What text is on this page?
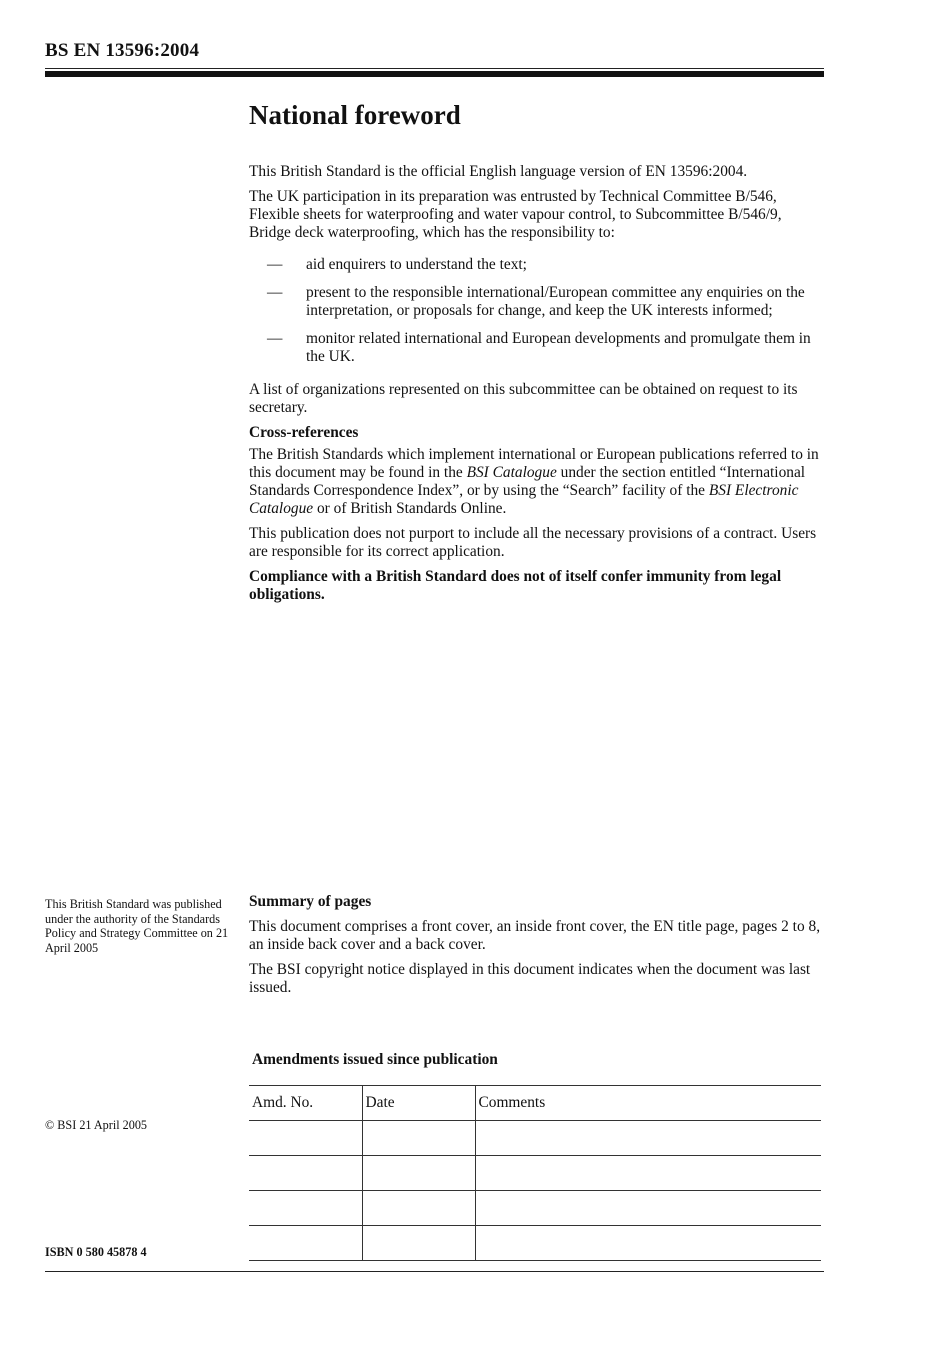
BS EN 13596:2004
National foreword

This British Standard is the official English language version of EN 13596:2004.

The UK participation in its preparation was entrusted by Technical Committee B/546, Flexible sheets for waterproofing and water vapour control, to Subcommittee B/546/9, Bridge deck waterproofing, which has the responsibility to:

— aid enquirers to understand the text;
— present to the responsible international/European committee any enquiries on the interpretation, or proposals for change, and keep the UK interests informed;
— monitor related international and European developments and promulgate them in the UK.

A list of organizations represented on this subcommittee can be obtained on request to its secretary.

Cross-references

The British Standards which implement international or European publications referred to in this document may be found in the BSI Catalogue under the section entitled “International Standards Correspondence Index”, or by using the “Search” facility of the BSI Electronic Catalogue or of British Standards Online.

This publication does not purport to include all the necessary provisions of a contract. Users are responsible for its correct application.

Compliance with a British Standard does not of itself confer immunity from legal obligations.

This British Standard was published under the authority of the Standards Policy and Strategy Committee on 21 April 2005
Summary of pages

This document comprises a front cover, an inside front cover, the EN title page, pages 2 to 8, an inside back cover and a back cover.

The BSI copyright notice displayed in this document indicates when the document was last issued.

Amendments issued since publication
Amd. No.	Date	Comments

© BSI 21 April 2005
ISBN 0 580 45878 4
